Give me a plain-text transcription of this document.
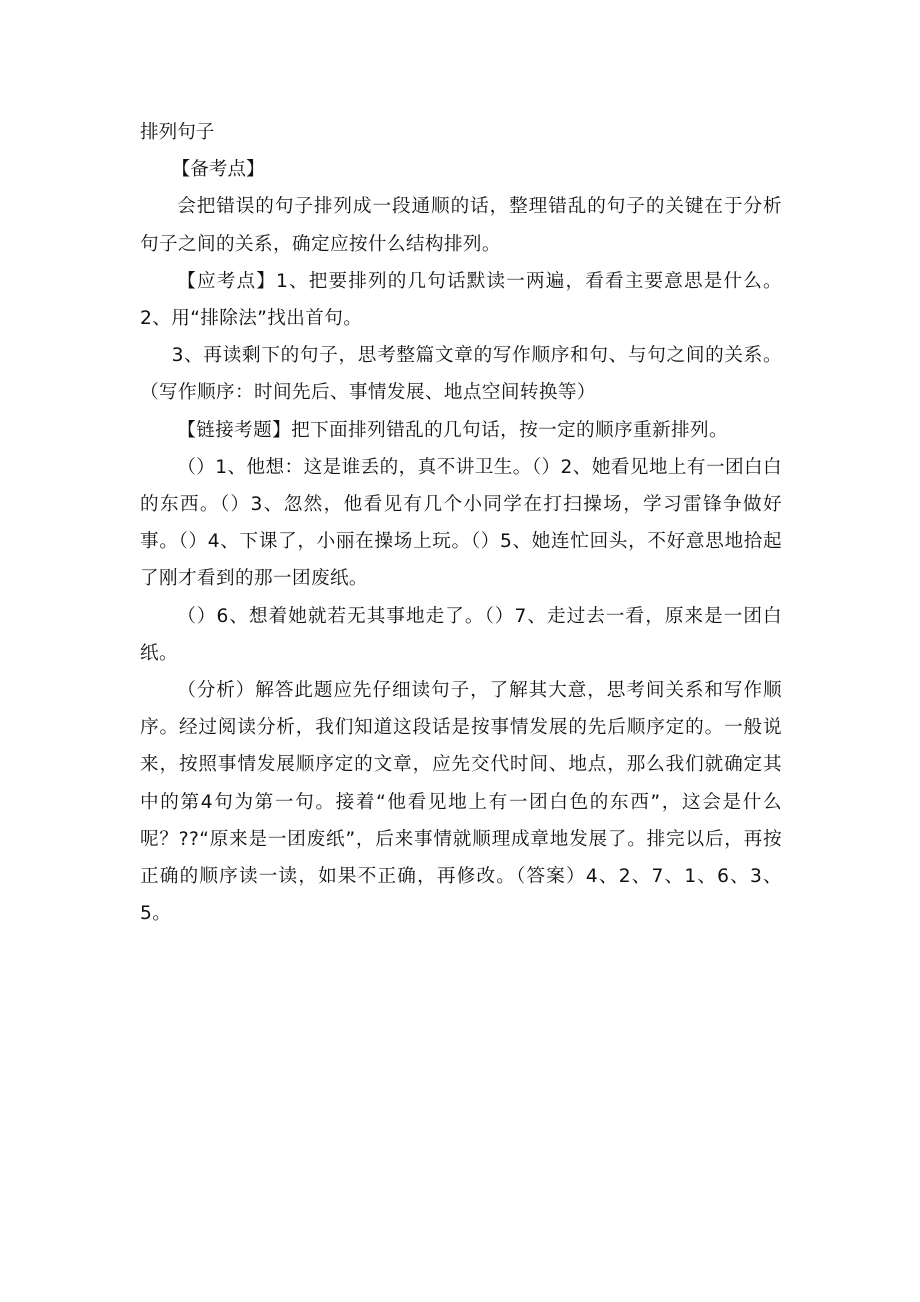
排列句子

【备考点】

会把错误的句子排列成一段通顺的话，整理错乱的句子的关键在于分析句子之间的关系，确定应按什么结构排列。

【应考点】1、把要排列的几句话默读一两遍，看看主要意思是什么。2、用“排除法”找出首句。

3、再读剩下的句子，思考整篇文章的写作顺序和句、与句之间的关系。（写作顺序：时间先后、事情发展、地点空间转换等）

【链接考题】把下面排列错乱的几句话，按一定的顺序重新排列。

（）1、他想：这是谁丢的，真不讲卫生。（）2、她看见地上有一团白白的东西。（）3、忽然，他看见有几个小同学在打扫操场，学习雷锋争做好事。（）4、下课了，小丽在操场上玩。（）5、她连忙回头，不好意思地拾起了刚才看到的那一团废纸。

（）6、想着她就若无其事地走了。（）7、走过去一看，原来是一团白纸。

（分析）解答此题应先仔细读句子，了解其大意，思考间关系和写作顺序。经过阅读分析，我们知道这段话是按事情发展的先后顺序定的。一般说来，按照事情发展顺序定的文章，应先交代时间、地点，那么我们就确定其中的第4句为第一句。接着“他看见地上有一团白色的东西”，这会是什么呢？??“原来是一团废纸”，后来事情就顺理成章地发展了。排完以后，再按正确的顺序读一读，如果不正确，再修改。（答案）4、2、7、1、6、3、5。
